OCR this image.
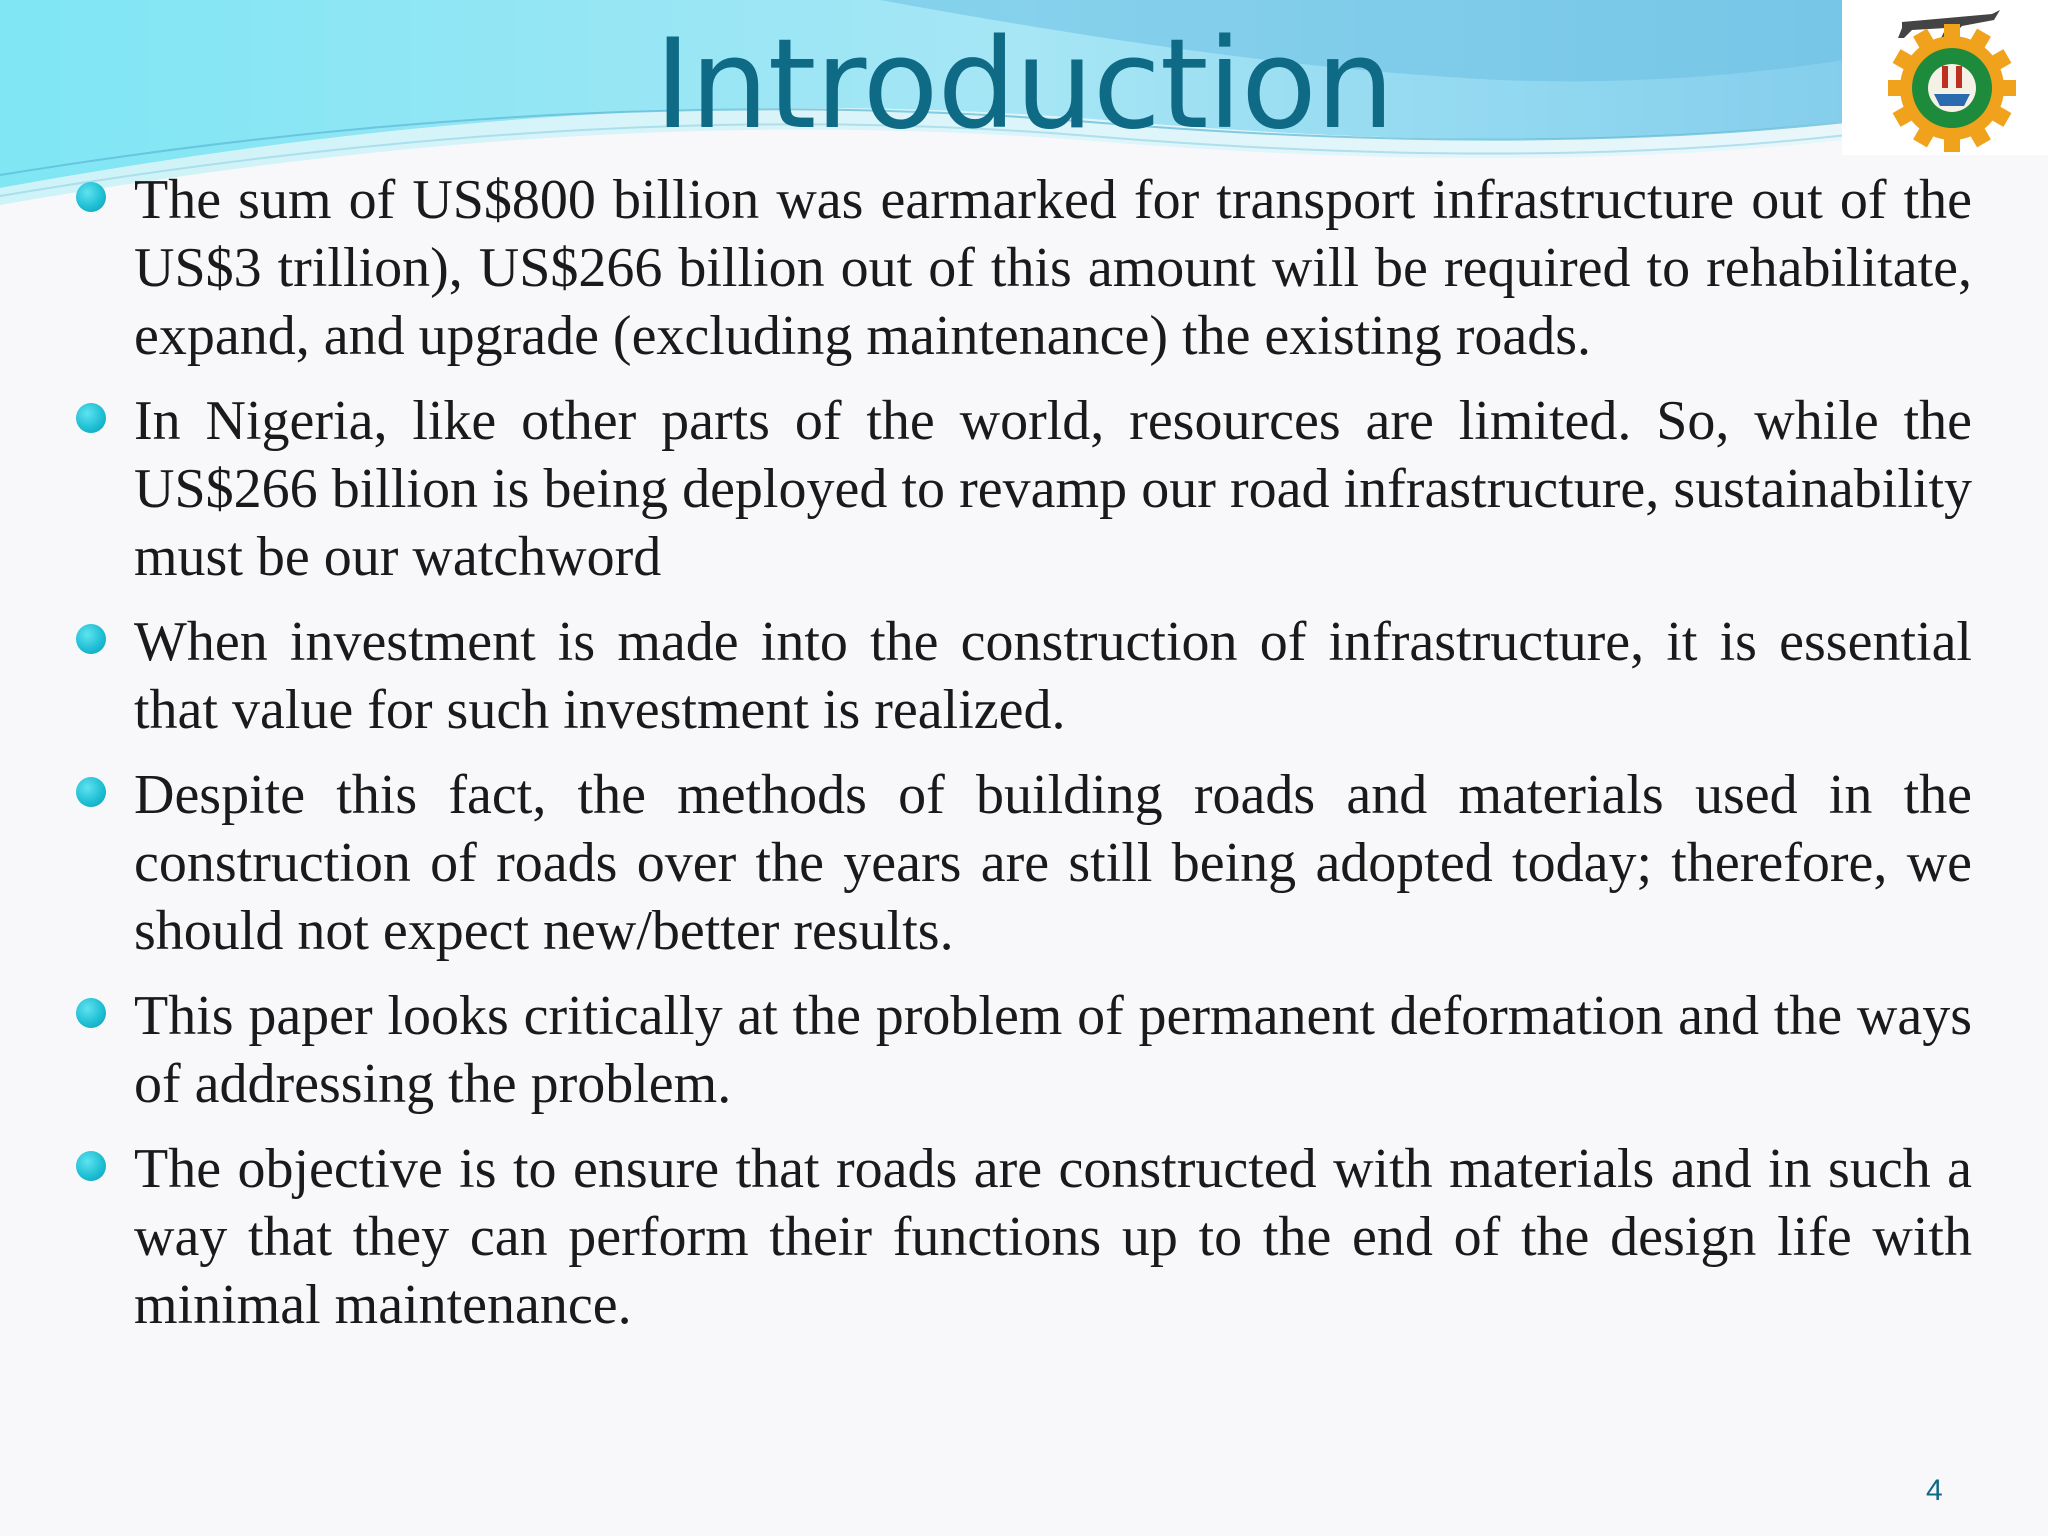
Introduction
The sum of US$800 billion was earmarked for transport infrastructure out of the US$3 trillion), US$266 billion out of this amount will be required to rehabilitate, expand, and upgrade (excluding maintenance) the existing roads.
In Nigeria, like other parts of the world, resources are limited. So, while the US$266 billion is being deployed to revamp our road infrastructure, sustainability must be our watchword
When investment is made into the construction of infrastructure, it is essential that value for such investment is realized.
Despite this fact, the methods of building roads and materials used in the construction of roads over the years are still being adopted today; therefore, we should not expect new/better results.
This paper looks critically at the problem of permanent deformation and the ways of addressing the problem.
The objective is to ensure that roads are constructed with materials and in such a way that they can perform their functions up to the end of the design life with minimal maintenance.
4
